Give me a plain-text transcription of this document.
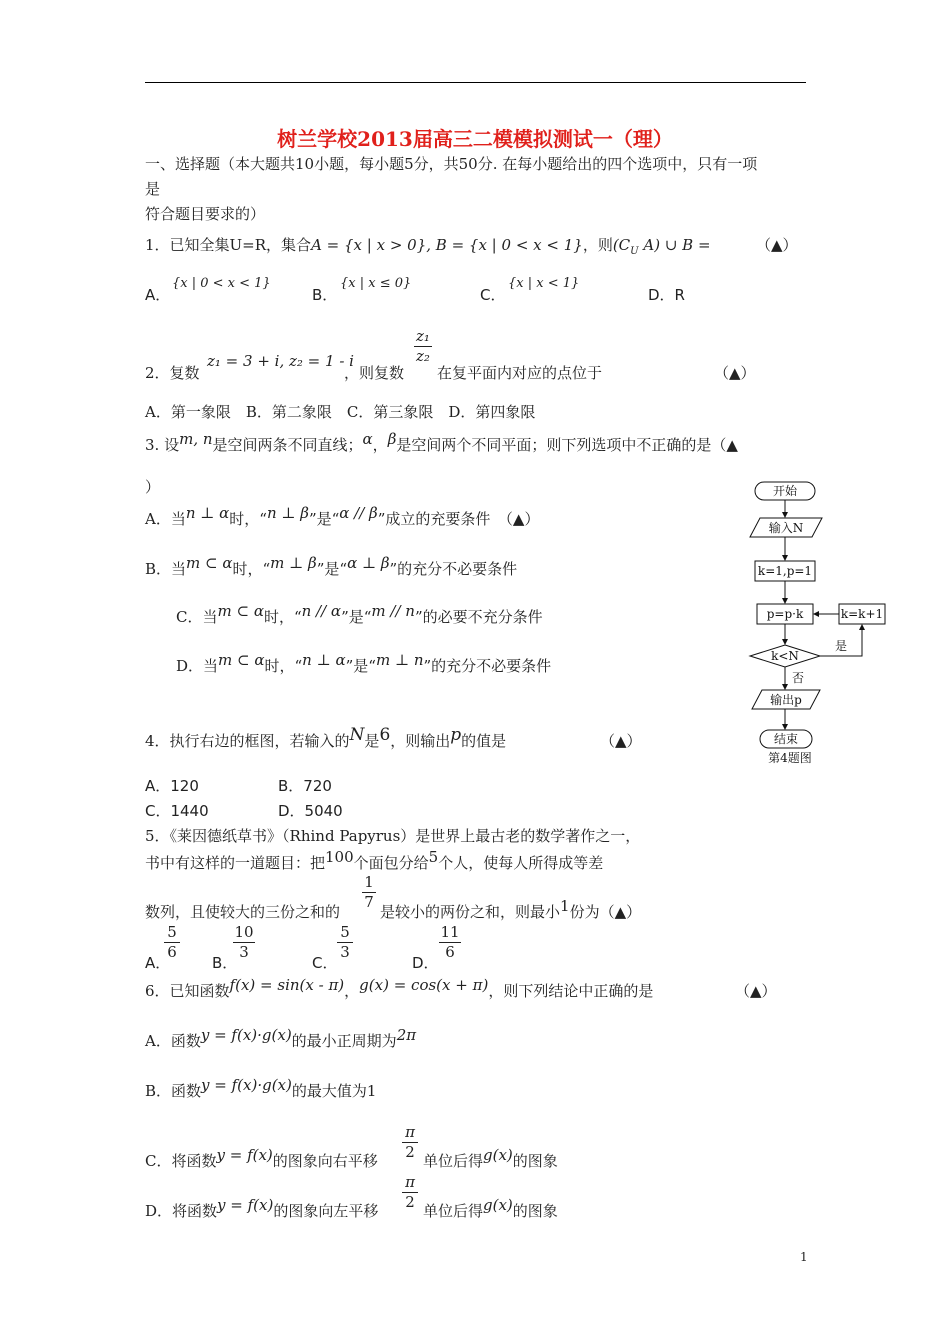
树兰学校2013届高三二模模拟测试一（理）
一、选择题（本大题共10小题，每小题5分，共50分. 在每小题给出的四个选项中，只有一项
是
符合题目要求的）
1．已知全集U=R，集合A = {x | x > 0}, B = {x | 0 < x < 1}，则($C_U$ A) ∪ B =	（▲）
A．
{x | 0 < x < 1}
B．
{x | x ≤ 0}
C．
{x | x < 1}
D．R
2．复数
z₁ = 3 + i, z₂ = 1 - i
，则复数
z₁
z₂
在复平面内对应的点位于	（▲）
A．第一象限　B．第二象限　C．第三象限　D．第四象限
3. 设m, n是空间两条不同直线；α，β是空间两个不同平面；则下列选项中不正确的是（▲
）
A．当n ⊥ α时，“n ⊥ β”是“α // β”成立的充要条件　（▲）
B．当m ⊂ α时，“m ⊥ β”是“α ⊥ β”的充分不必要条件
C．当m ⊂ α时，“n // α”是“m // n”的必要不充分条件
D．当m ⊂ α时，“n ⊥ α”是“m ⊥ n”的充分不必要条件
开始
输入N
k=1,p=1
p=p·k	k=k+1
k<N
是
否
输出p
结束
第4题图
4．执行右边的框图，若输入的N是6，则输出p的值是	（▲）
A．120	B．720
C．1440	D．5040
5．《莱因德纸草书》（Rhind Papyrus）是世界上最古老的数学著作之一，
书中有这样的一道题目：把100个面包分给5个人，使每人所得成等差
数列，且使较大的三份之和的
1
7
是较小的两份之和，则最小1份为（▲）
A．
5
6
B．
10
3
C．
5
3
D．
11
6
6．已知函数f(x) = sin(x - π)，g(x) = cos(x + π)，则下列结论中正确的是	（▲）
A．函数y = f(x)·g(x)的最小正周期为2π
B．函数y = f(x)·g(x)的最大值为1
C．将函数y = f(x)的图象向右平移
π
2 单位后得g(x)的图象
D．将函数y = f(x)的图象向左平移
π
2 单位后得g(x)的图象
1
